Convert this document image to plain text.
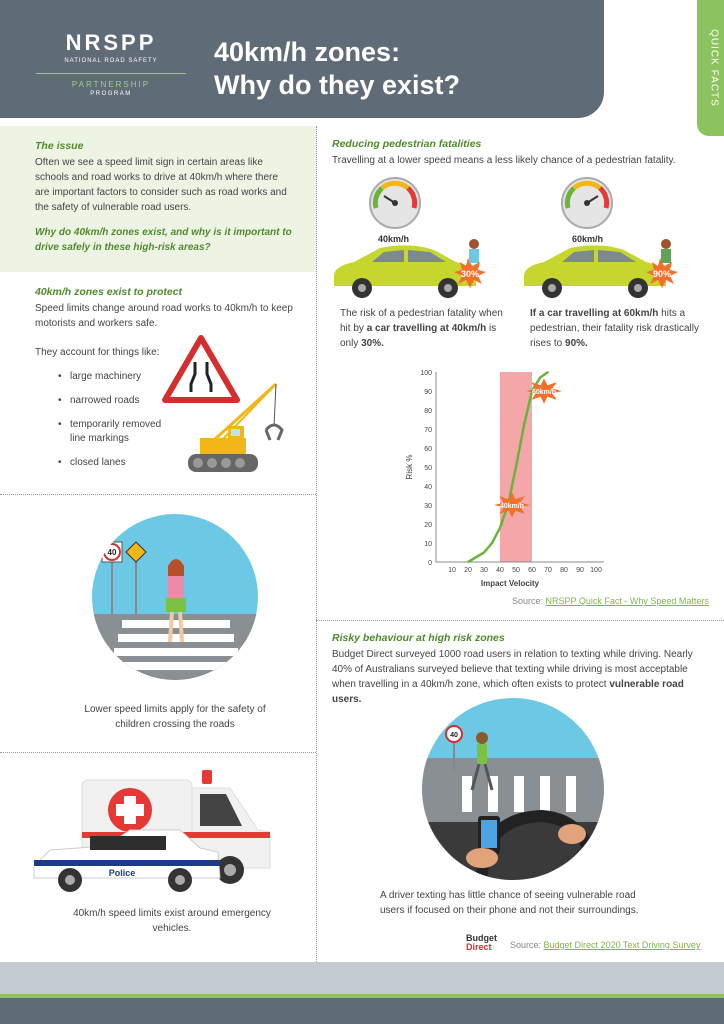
NRSPP
NATIONAL ROAD SAFETY
PARTNERSHIP
PROGRAM
40km/h zones:
Why do they exist?	QUICK FACTS
The issue
Often we see a speed limit sign in certain areas like schools and road works to drive at 40km/h where there are important factors to consider such as road works and the safety of vulnerable road users.
Why do 40km/h zones exist, and why is it important to drive safely in these high-risk areas?
40km/h zones exist to protect
Speed limits change around road works to 40km/h to keep motorists and workers safe.
They account for things like:
• large machinery
• narrowed roads
• temporarily removed line markings
• closed lanes
40
Lower speed limits apply for the safety of children crossing the roads
Police
40km/h speed limits exist around emergency vehicles.
Reducing pedestrian fatalities
Travelling at a lower speed means a less likely chance of a pedestrian fatality.
40km/h	60km/h
30%	90%
The risk of a pedestrian fatality when hit by a car travelling at 40km/h is only 30%.
If a car travelling at 60km/h hits a pedestrian, their fatality risk drastically rises to 90%.
0
10
20
30
40
50
60
70
80
90
100
10 20 30 40 50 60 70 80 90 100
Impact Velocity
Risk %
40km/h
60km/h
Source: NRSPP Quick Fact - Why Speed Matters
Risky behaviour at high risk zones
Budget Direct surveyed 1000 road users in relation to texting while driving. Nearly 40% of Australians surveyed believe that texting while driving is most acceptable when travelling in a 40km/h zone, which often exists to protect vulnerable road users.
40
A driver texting has little chance of seeing vulnerable road users if focused on their phone and not their surroundings.
Budget
Direct	Source: Budget Direct 2020 Text Driving Survey
